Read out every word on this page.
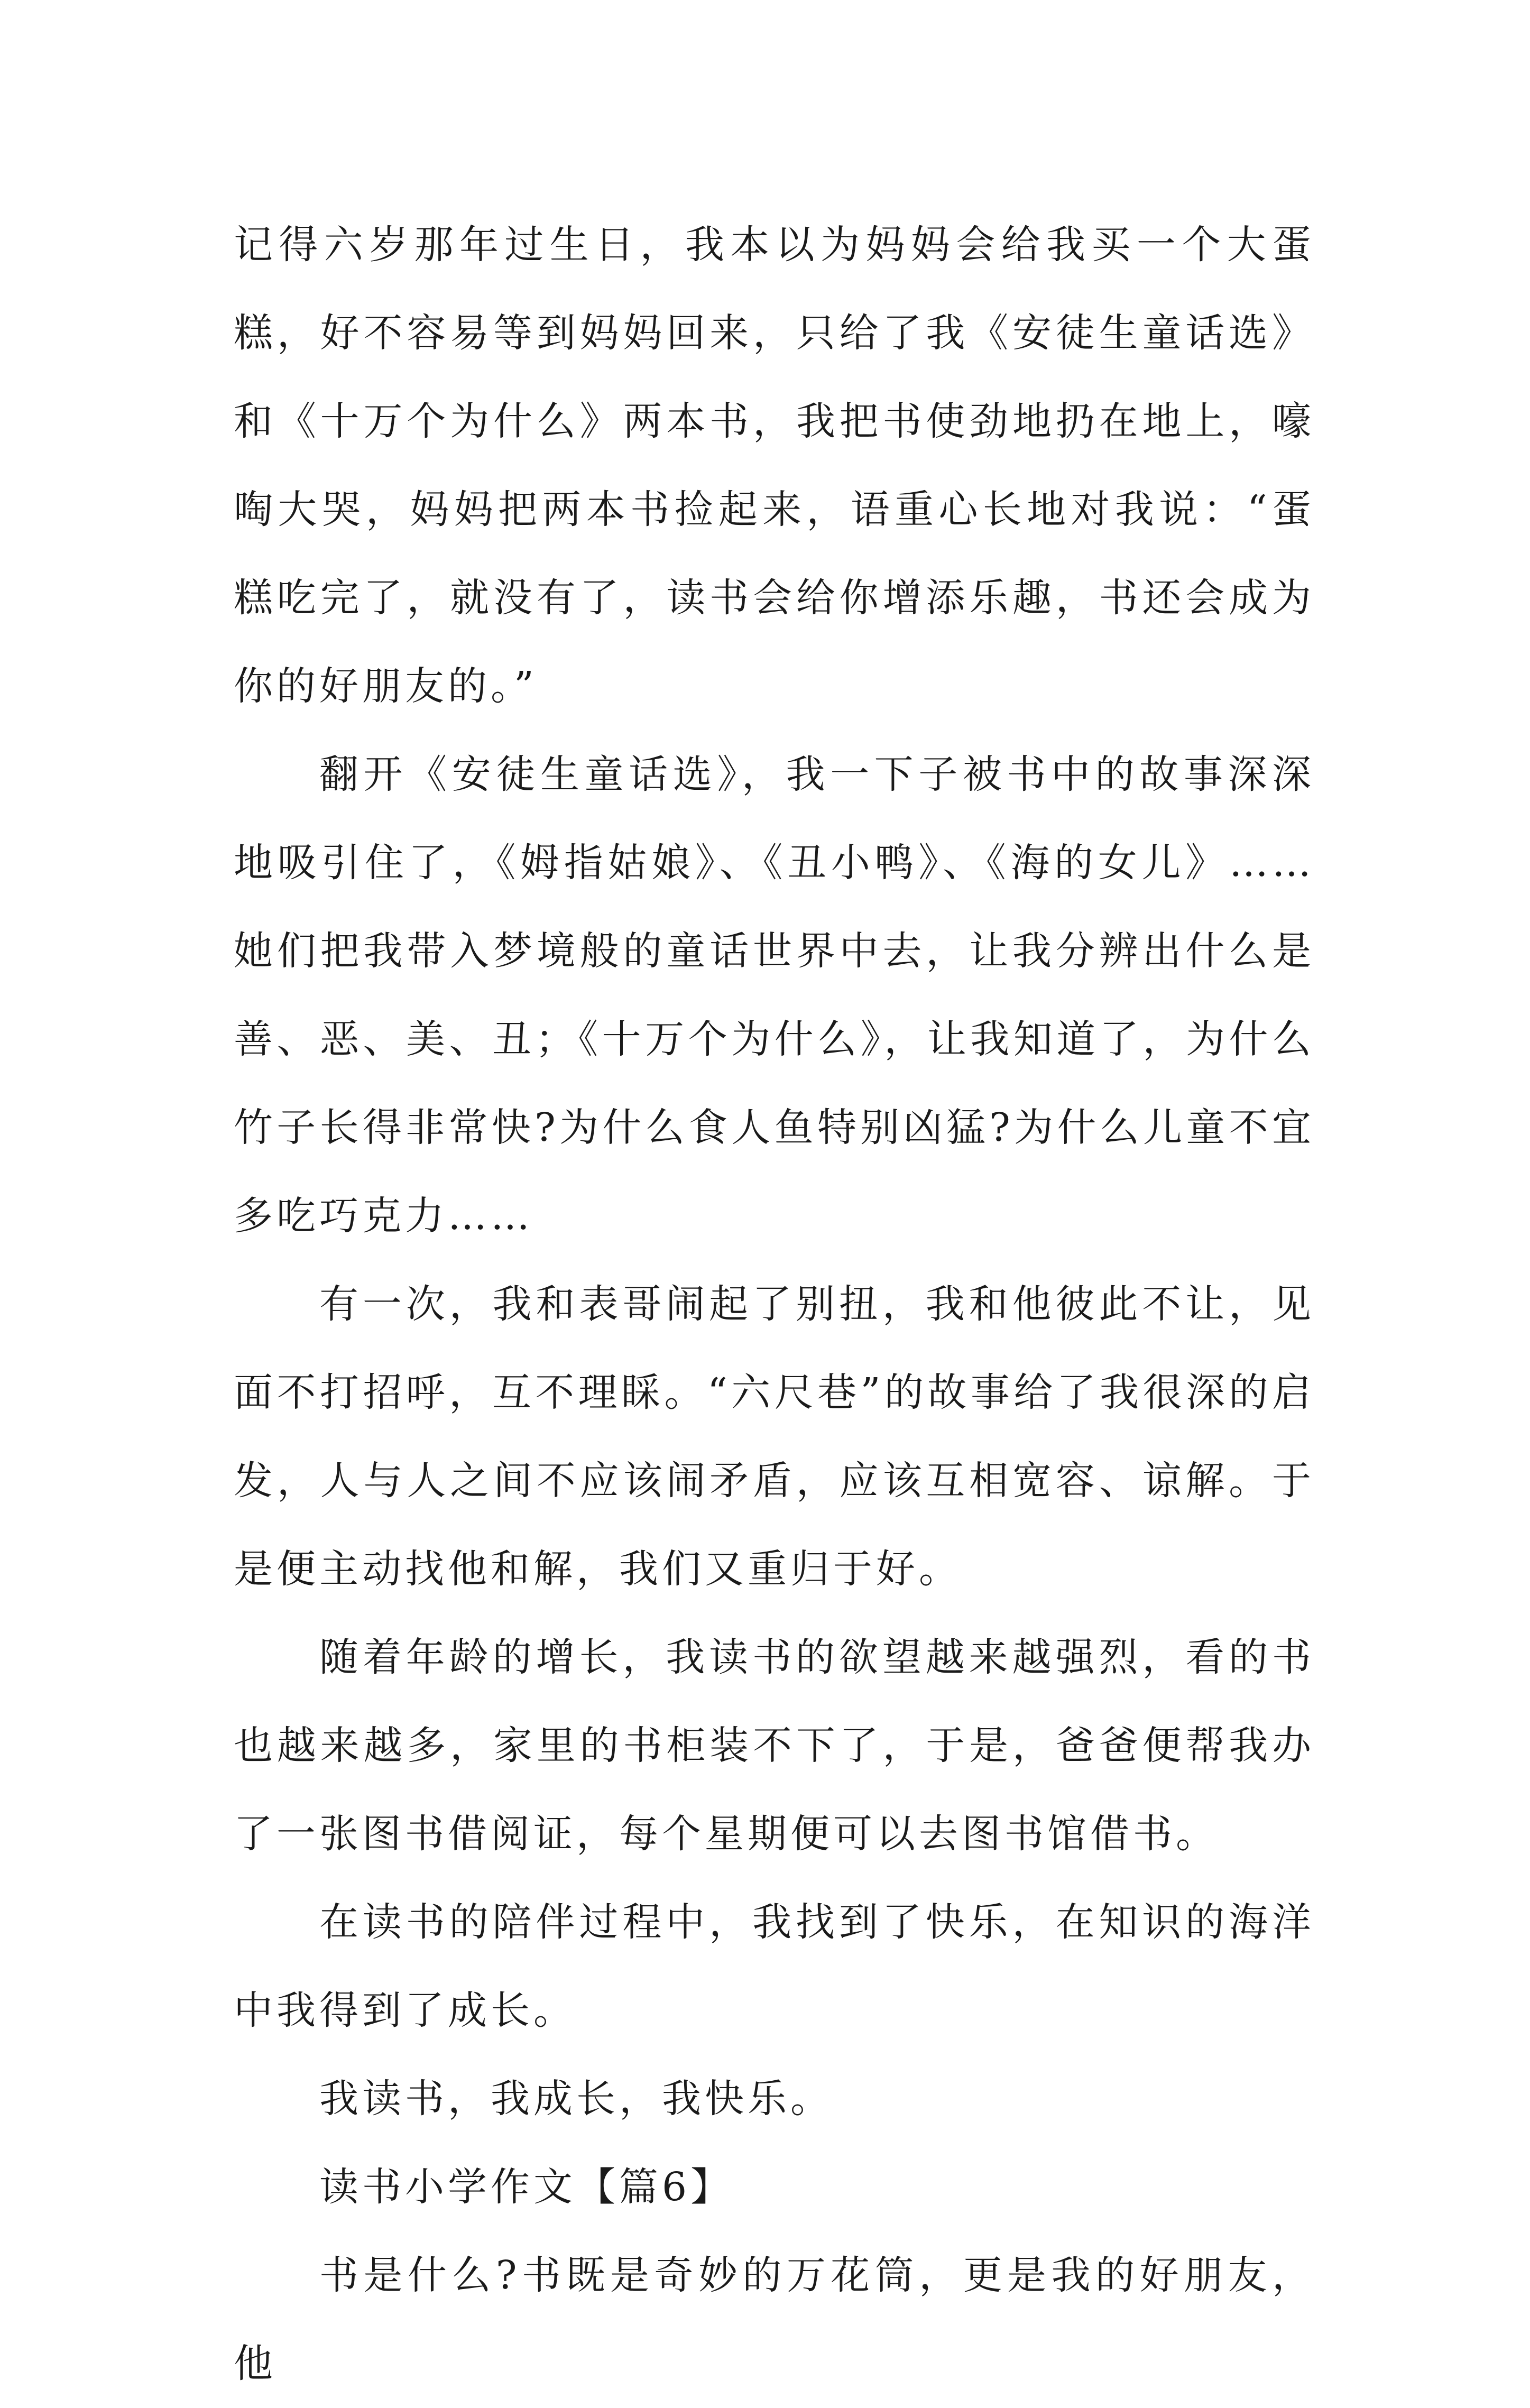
记得六岁那年过生日，我本以为妈妈会给我买一个大蛋糕，好不容易等到妈妈回来，只给了我《安徒生童话选》和《十万个为什么》两本书，我把书使劲地扔在地上，嚎啕大哭，妈妈把两本书捡起来，语重心长地对我说：“蛋糕吃完了，就没有了，读书会给你增添乐趣，书还会成为你的好朋友的。”

翻开《安徒生童话选》，我一下子被书中的故事深深地吸引住了，《姆指姑娘》、《丑小鸭》、《海的女儿》……她们把我带入梦境般的童话世界中去，让我分辨出什么是善、恶、美、丑；《十万个为什么》，让我知道了，为什么竹子长得非常快?为什么食人鱼特别凶猛?为什么儿童不宜多吃巧克力……

有一次，我和表哥闹起了别扭，我和他彼此不让，见面不打招呼，互不理睬。“六尺巷”的故事给了我很深的启发，人与人之间不应该闹矛盾，应该互相宽容、谅解。于是便主动找他和解，我们又重归于好。

随着年龄的增长，我读书的欲望越来越强烈，看的书也越来越多，家里的书柜装不下了，于是，爸爸便帮我办了一张图书借阅证，每个星期便可以去图书馆借书。

在读书的陪伴过程中，我找到了快乐，在知识的海洋中我得到了成长。

我读书，我成长，我快乐。

读书小学作文【篇6】

书是什么?书既是奇妙的万花筒，更是我的好朋友，他
